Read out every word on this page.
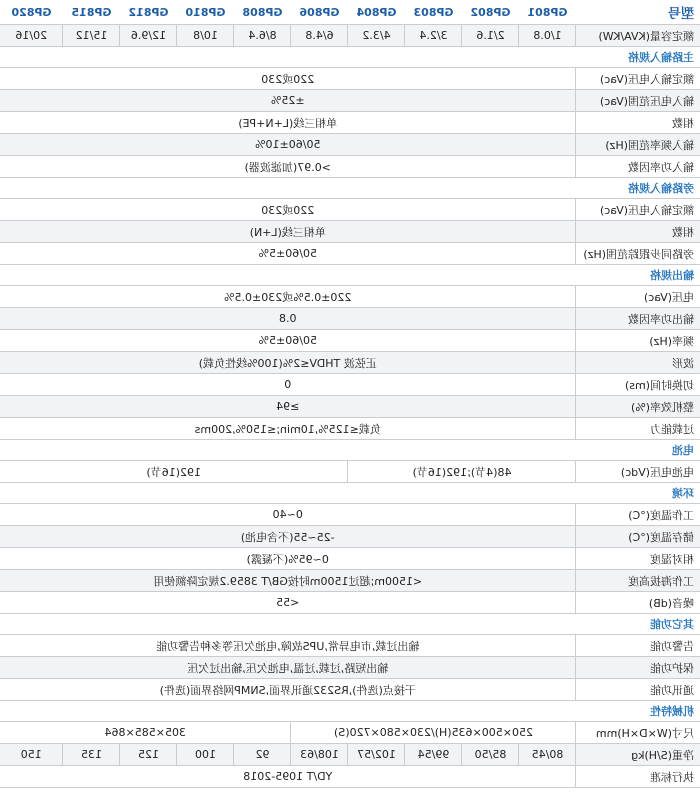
型号	GP801	GP802	GP803	GP804	GP806	GP808	GP810	GP812	GP815	GP820
额定容量(KVA/KW)	1/0.8	2/1.6	3/2.4	4/3.2	6/4.8	8/6.4	10/8	12/9.6	15/12	20/16
主路输入规格										
额定输入电压(Vac)	220或230									
输入电压范围(Vac)	±25%									
相数	单相三线(L+N+PE)									
输入频率范围(Hz)	50/60±10%									
输入功率因数	>0.97(加滤波器)									
旁路输入规格										
额定输入电压(Vac)	220或230									
相数	单相三线(L+N)									
旁路同步跟踪范围(Hz)	50/60±5%									
输出规格										
电压(Vac)	220±0.5%或230±0.5%									
输出功率因数	0.8									
频率(Hz)	50/60±5%									
波形	正弦波 THDV≤2%(100%线性负载)									
切换时间(ms)	0									
整机效率(%)	≥94									
过载能力	负载≤125%,10min;≤150%,200ms									
电池										
电池电压(Vdc)	48(4节);192(16节)				192(16节)					
环境										
工作温度(°C)	0~40									
储存温度(°C)	-25~55(不含电池)									
相对湿度	0~95%(不凝露)									
工作海拔高度	<1500m;超过1500m时按GB/T 3859.2规定降额使用									
噪音(dB)	<55									
其它功能										
告警功能	输出过载,市电异常,UPS故障,电池欠压等多种告警功能									
保护功能	输出短路,过载,过温,电池欠压,输出过欠压									
通讯功能	干接点(选件),RS232通讯界面,SNMP网络界面(选件)									
机械特性										
尺寸(W×D×H)mm	250×500×635(H)/230×580×720(S)					305×585×864				
净重(S/H)kg	80/45	85/50	99/54	102/57	108/63	92	100	125	135	150
执行标准	YD/T 1095-2018									
